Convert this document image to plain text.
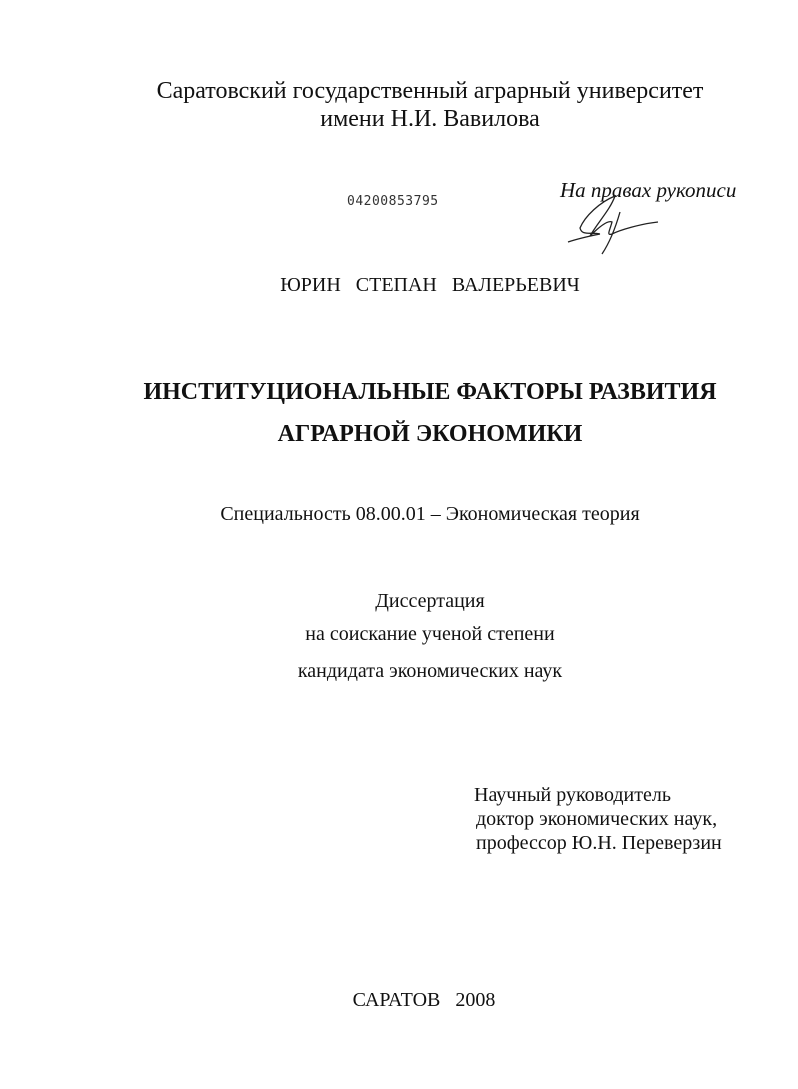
Саратовский государственный аграрный университет
имени Н.И. Вавилова
04200853795	На правах рукописи
ЮРИН   СТЕПАН   ВАЛЕРЬЕВИЧ
ИНСТИТУЦИОНАЛЬНЫЕ ФАКТОРЫ РАЗВИТИЯ
АГРАРНОЙ ЭКОНОМИКИ
Специальность 08.00.01 – Экономическая теория
Диссертация
на соискание ученой степени
кандидата экономических наук
Научный руководитель
доктор экономических наук,
профессор Ю.Н. Переверзин
САРАТОВ   2008
